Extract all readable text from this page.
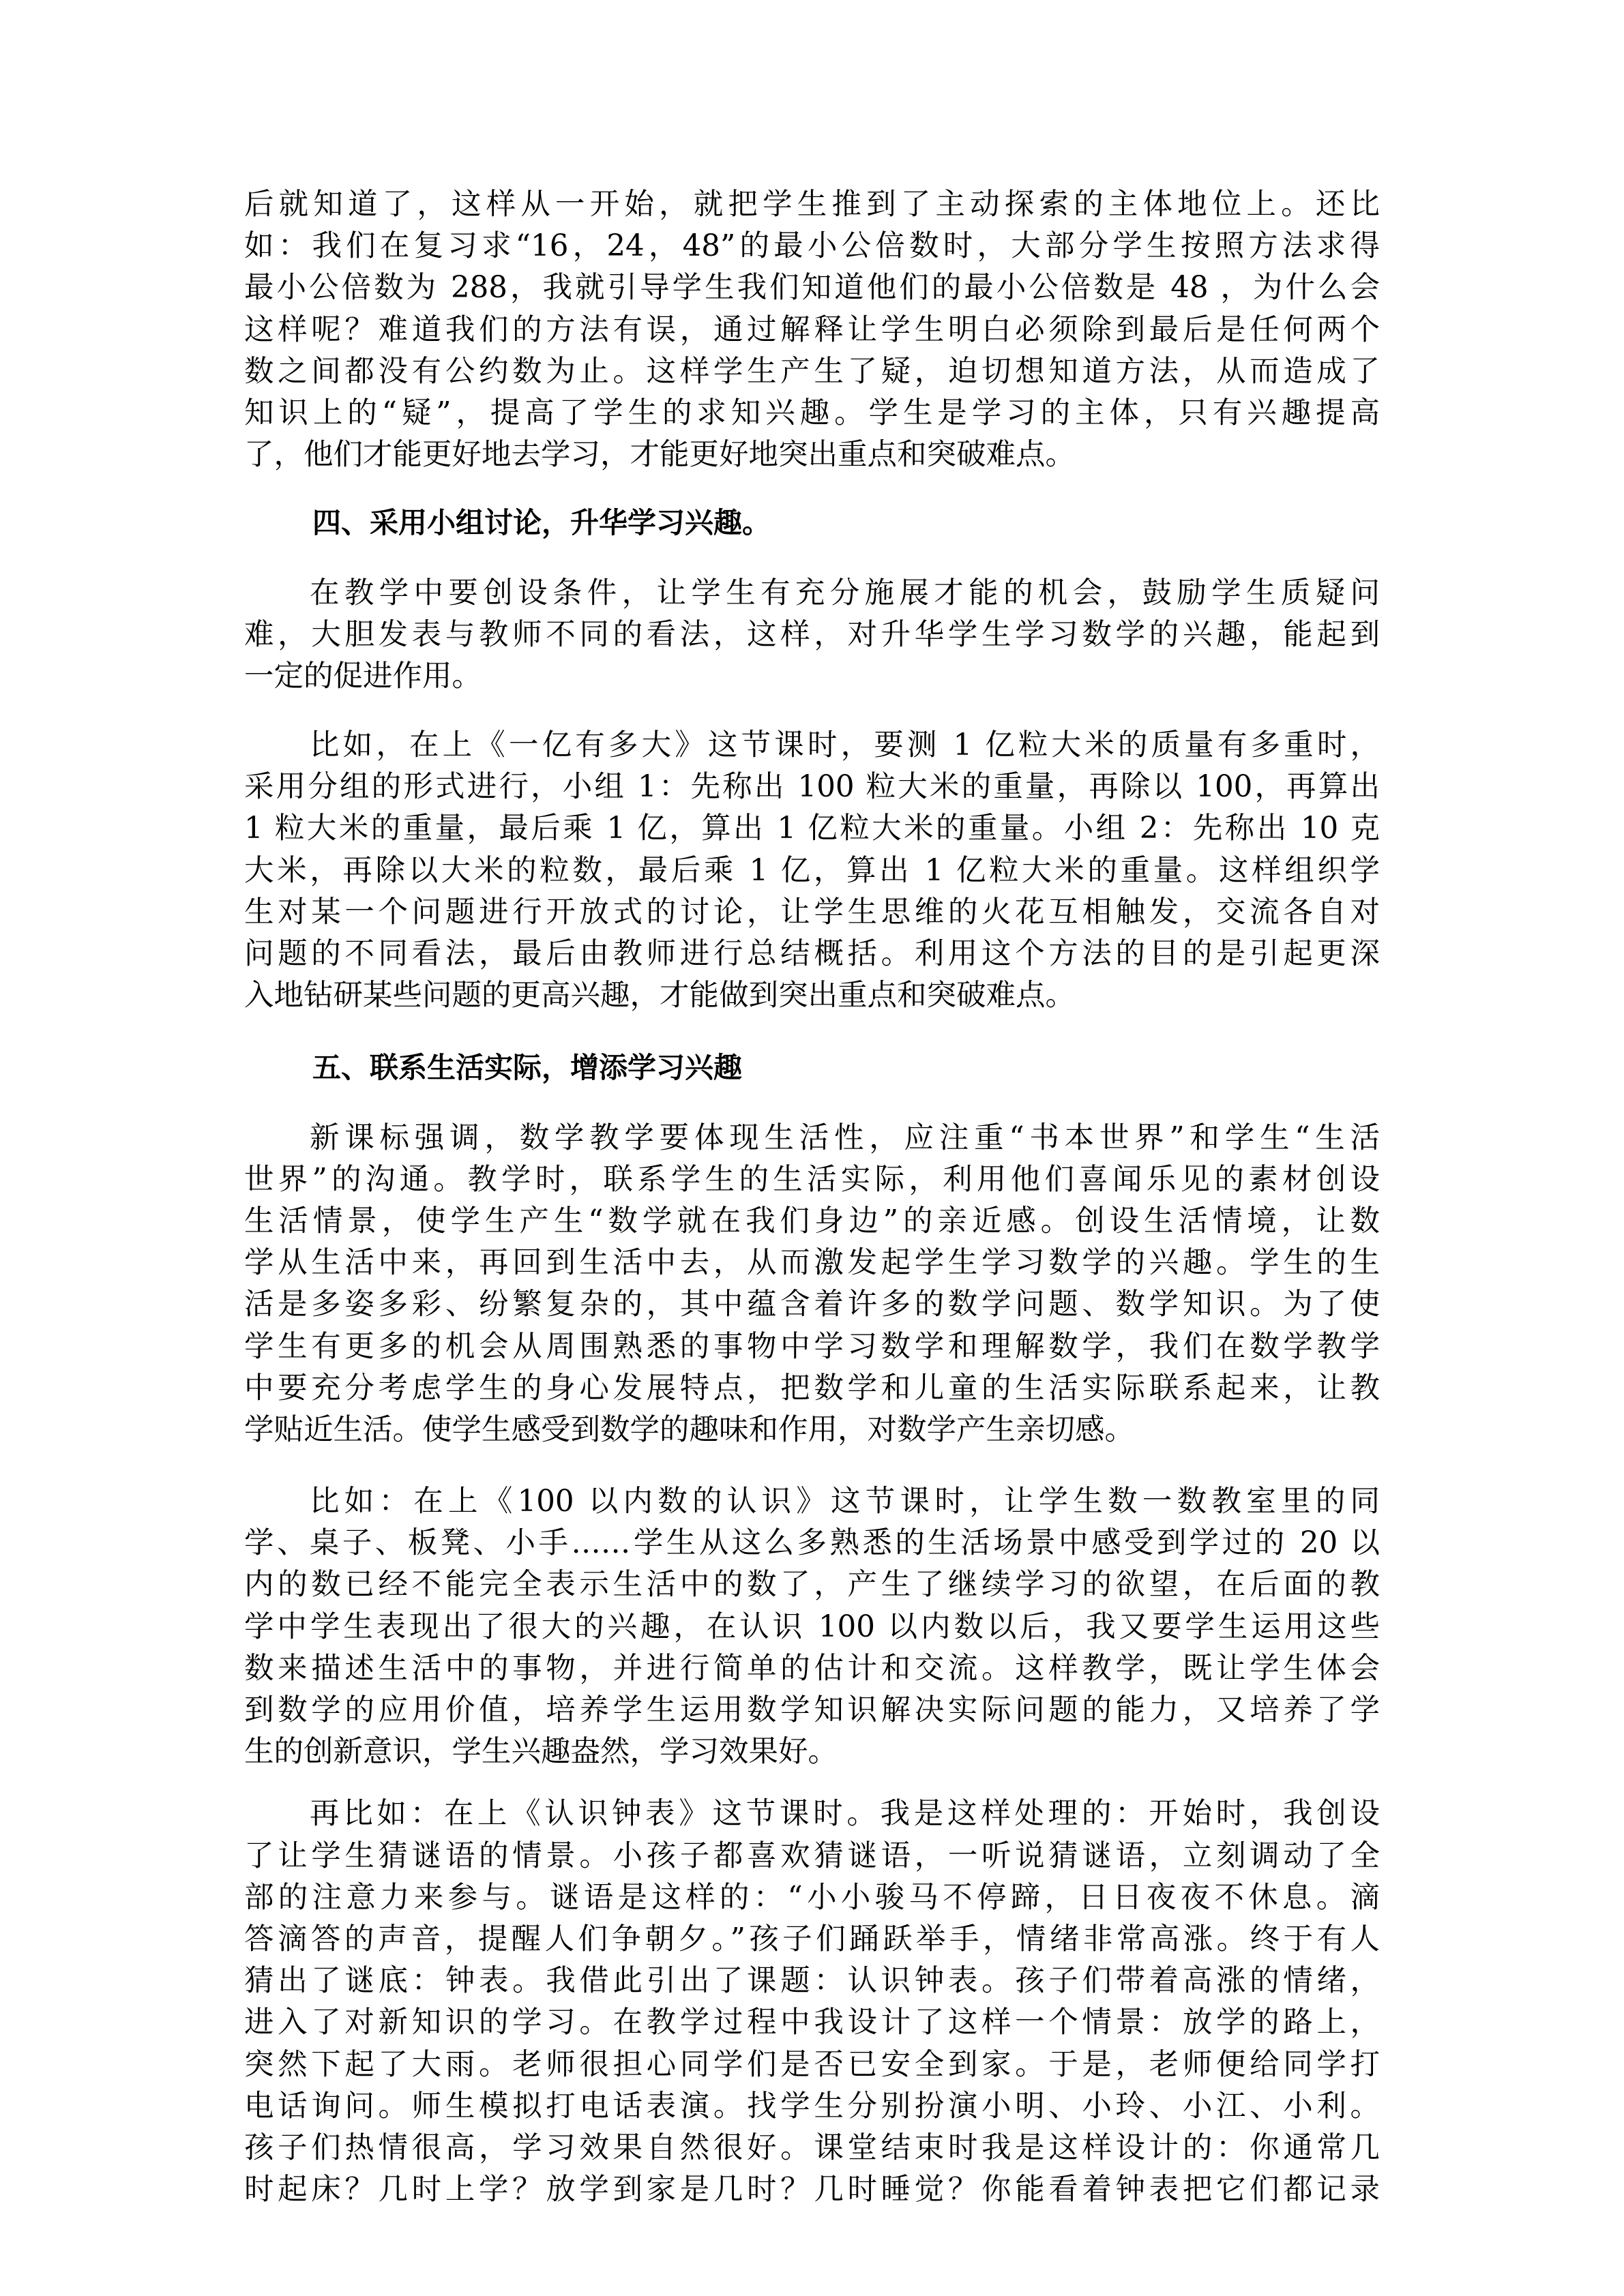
后就知道了，这样从一开始，就把学生推到了主动探索的主体地位上。还比
如：我们在复习求“16，24，48”的最小公倍数时，大部分学生按照方法求得
最小公倍数为 288，我就引导学生我们知道他们的最小公倍数是 48 ，为什么会
这样呢？难道我们的方法有误，通过解释让学生明白必须除到最后是任何两个
数之间都没有公约数为止。这样学生产生了疑，迫切想知道方法，从而造成了
知识上的“疑”，提高了学生的求知兴趣。学生是学习的主体，只有兴趣提高
了，他们才能更好地去学习，才能更好地突出重点和突破难点。
四、采用小组讨论，升华学习兴趣。
在教学中要创设条件，让学生有充分施展才能的机会，鼓励学生质疑问
难，大胆发表与教师不同的看法，这样，对升华学生学习数学的兴趣，能起到
一定的促进作用。
比如，在上《一亿有多大》这节课时，要测 1 亿粒大米的质量有多重时，
采用分组的形式进行，小组 1：先称出 100 粒大米的重量，再除以 100，再算出
1 粒大米的重量，最后乘 1 亿，算出 1 亿粒大米的重量。小组 2：先称出 10 克
大米，再除以大米的粒数，最后乘 1 亿，算出 1 亿粒大米的重量。这样组织学
生对某一个问题进行开放式的讨论，让学生思维的火花互相触发，交流各自对
问题的不同看法，最后由教师进行总结概括。利用这个方法的目的是引起更深
入地钻研某些问题的更高兴趣，才能做到突出重点和突破难点。
五、联系生活实际，增添学习兴趣
新课标强调，数学教学要体现生活性，应注重“书本世界”和学生“生活
世界”的沟通。教学时，联系学生的生活实际，利用他们喜闻乐见的素材创设
生活情景，使学生产生“数学就在我们身边”的亲近感。创设生活情境，让数
学从生活中来，再回到生活中去，从而激发起学生学习数学的兴趣。学生的生
活是多姿多彩、纷繁复杂的，其中蕴含着许多的数学问题、数学知识。为了使
学生有更多的机会从周围熟悉的事物中学习数学和理解数学，我们在数学教学
中要充分考虑学生的身心发展特点，把数学和儿童的生活实际联系起来，让教
学贴近生活。使学生感受到数学的趣味和作用，对数学产生亲切感。
比如：在上《100 以内数的认识》这节课时，让学生数一数教室里的同
学、桌子、板凳、小手……学生从这么多熟悉的生活场景中感受到学过的 20 以
内的数已经不能完全表示生活中的数了，产生了继续学习的欲望，在后面的教
学中学生表现出了很大的兴趣，在认识 100 以内数以后，我又要学生运用这些
数来描述生活中的事物，并进行简单的估计和交流。这样教学，既让学生体会
到数学的应用价值，培养学生运用数学知识解决实际问题的能力，又培养了学
生的创新意识，学生兴趣盎然，学习效果好。
再比如：在上《认识钟表》这节课时。我是这样处理的：开始时，我创设
了让学生猜谜语的情景。小孩子都喜欢猜谜语，一听说猜谜语，立刻调动了全
部的注意力来参与。谜语是这样的：“小小骏马不停蹄，日日夜夜不休息。滴
答滴答的声音，提醒人们争朝夕。”孩子们踊跃举手，情绪非常高涨。终于有人
猜出了谜底：钟表。我借此引出了课题：认识钟表。孩子们带着高涨的情绪，
进入了对新知识的学习。在教学过程中我设计了这样一个情景：放学的路上，
突然下起了大雨。老师很担心同学们是否已安全到家。于是，老师便给同学打
电话询问。师生模拟打电话表演。找学生分别扮演小明、小玲、小江、小利。
孩子们热情很高，学习效果自然很好。课堂结束时我是这样设计的：你通常几
时起床？几时上学？放学到家是几时？几时睡觉？你能看着钟表把它们都记录
